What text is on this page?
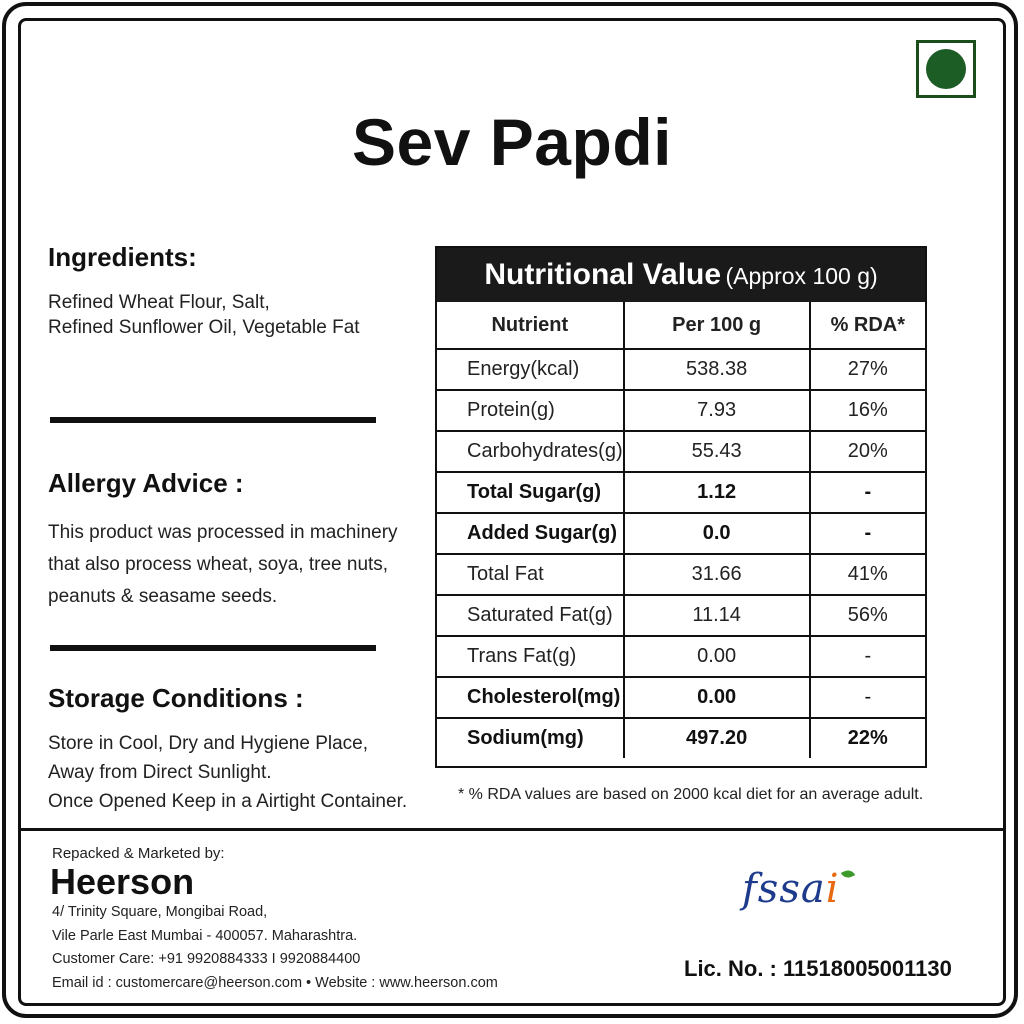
Sev Papdi
Ingredients:
Refined Wheat Flour, Salt,
Refined Sunflower Oil, Vegetable Fat
Allergy Advice :
This product was processed in machinery
that also process wheat, soya, tree nuts,
peanuts & seasame seeds.
Storage Conditions :
Store in Cool, Dry and Hygiene Place,
Away from Direct Sunlight.
Once Opened Keep in a Airtight Container.
Nutritional Value (Approx 100 g)
Nutrient	Per 100 g	% RDA*
Energy(kcal)	538.38	27%
Protein(g)	7.93	16%
Carbohydrates(g)	55.43	20%
Total Sugar(g)	1.12	-
Added Sugar(g)	0.0	-
Total Fat	31.66	41%
Saturated Fat(g)	11.14	56%
Trans Fat(g)	0.00	-
Cholesterol(mg)	0.00	-
Sodium(mg)	497.20	22%
* % RDA values are based on 2000 kcal diet for an average adult.
Repacked & Marketed by:
Heerson
4/ Trinity Square, Mongibai Road,
Vile Parle East Mumbai - 400057. Maharashtra.
Customer Care: +91 9920884333 I 9920884400
Email id : customercare@heerson.com • Website : www.heerson.com
fssai
Lic. No. : 11518005001130
